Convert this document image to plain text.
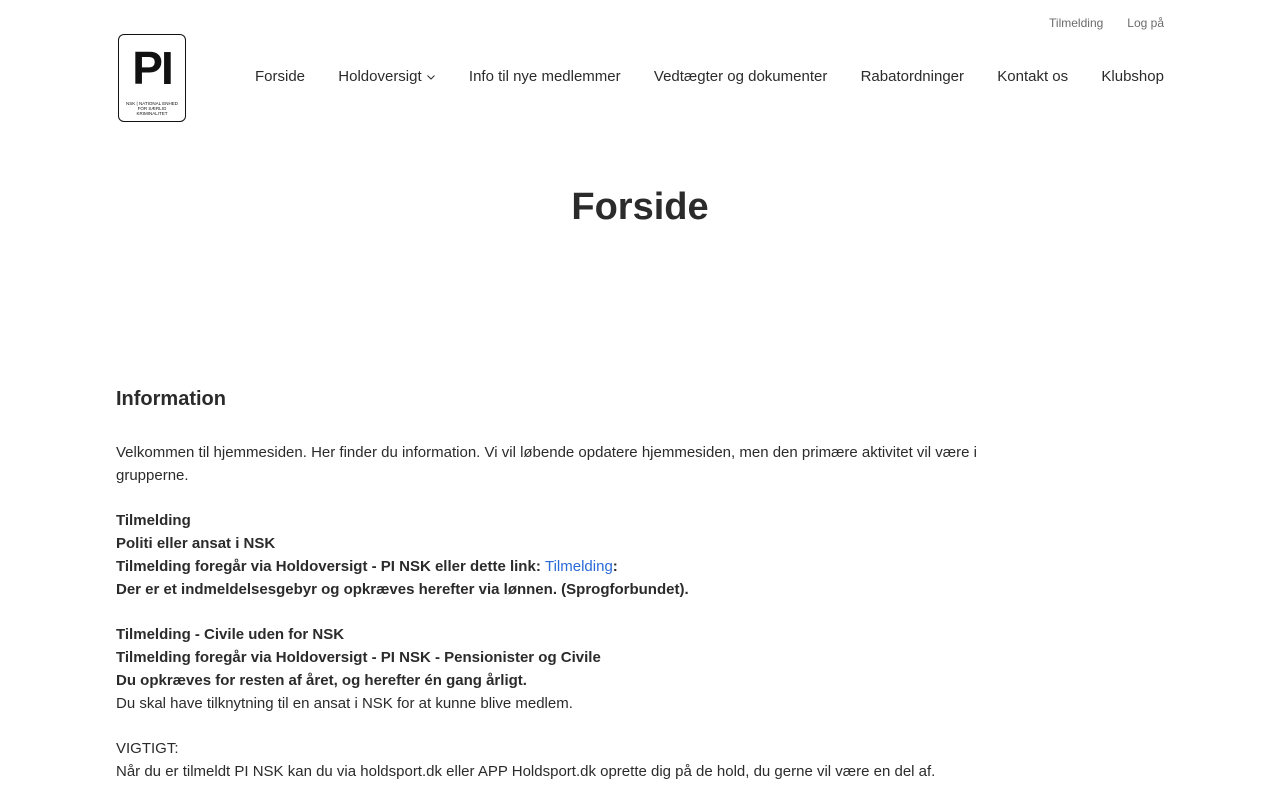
Tilmelding Log på
PI
NSK | NATIONAL ENHED FOR SÆRLIG KRIMINALITET
Forside Holdoversigt	Info til nye medlemmer Vedtægter og dokumenter Rabatordninger Kontakt os Klubshop
Forside
Information

Velkommen til hjemmesiden. Her finder du information. Vi vil løbende opdatere hjemmesiden, men den primære aktivitet vil være i grupperne.

Tilmelding
Politi eller ansat i NSK
Tilmelding foregår via Holdoversigt - PI NSK eller dette link: Tilmelding:
Der er et indmeldelsesgebyr og opkræves herefter via lønnen. (Sprogforbundet).
Tilmelding - Civile uden for NSK
Tilmelding foregår via Holdoversigt - PI NSK - Pensionister og Civile
Du opkræves for resten af året, og herefter én gang årligt.
Du skal have tilknytning til en ansat i NSK for at kunne blive medlem.
VIGTIGT:
Når du er tilmeldt PI NSK kan du via holdsport.dk eller APP Holdsport.dk oprette dig på de hold, du gerne vil være en del af.
